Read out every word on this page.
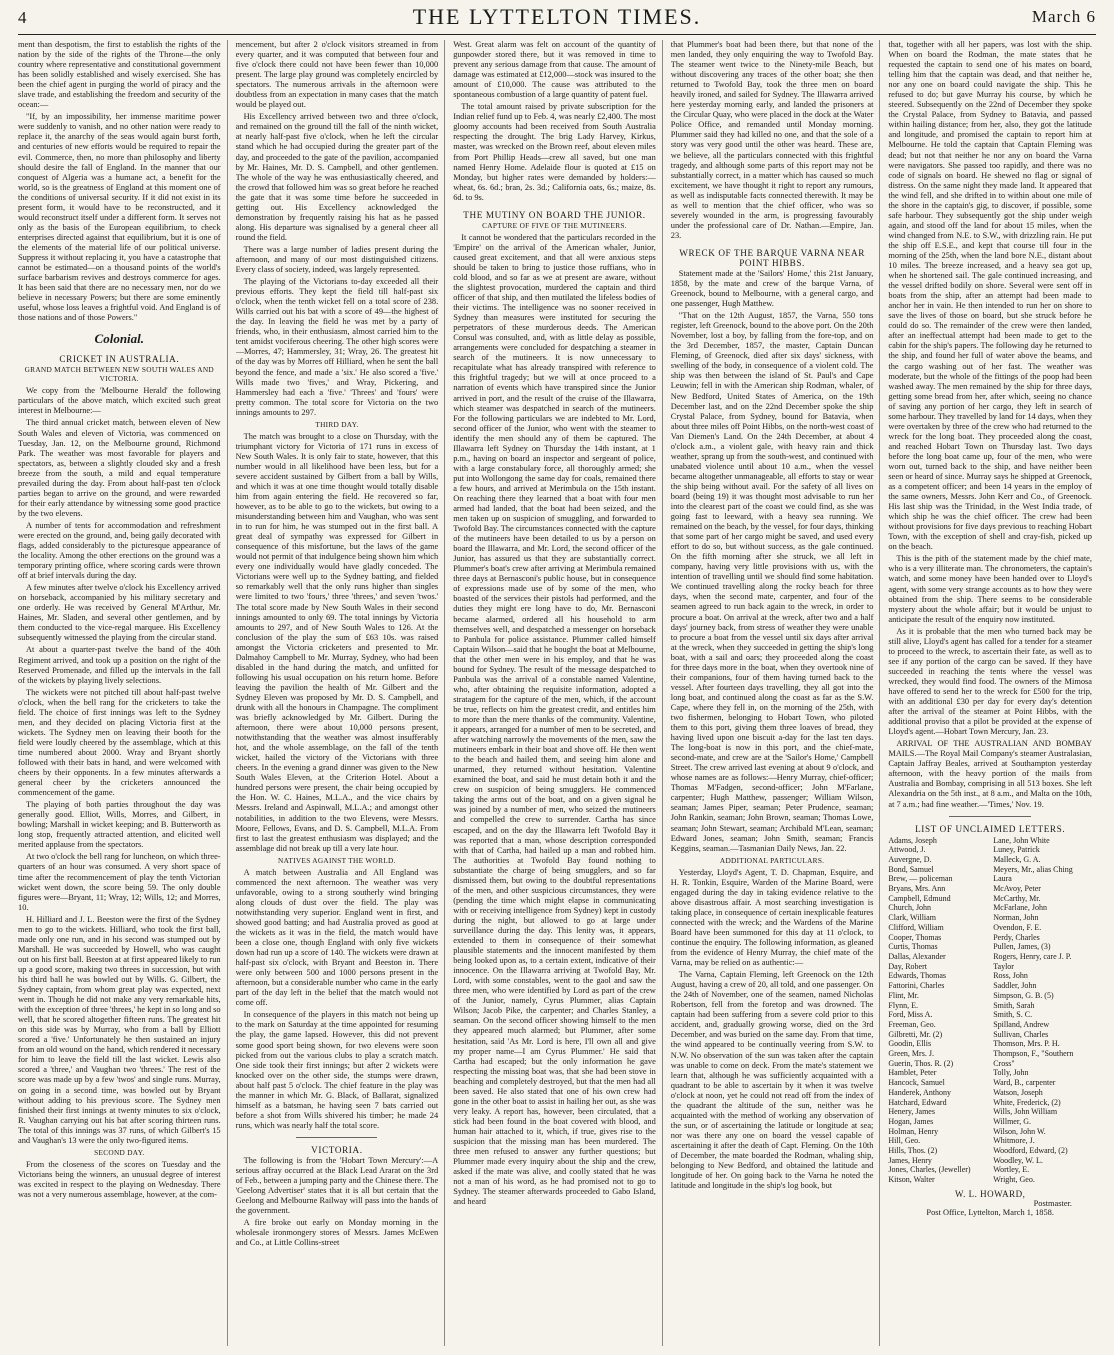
4	THE LYTTELTON TIMES.	March 6

ment than despotism, the first to establish the rights of the nation by the side of the rights of the Throne—the only country where representative and constitutional government has been solidly established and wisely exercised. She has been the chief agent in purging the world of piracy and the slave trade, and establishing the freedom and security of the ocean:—

"If, by an impossibility, her immense maritime power were suddenly to vanish, and no other nation were ready to replace it, the anarchy of the seas would again burst forth, and centuries of new efforts would be required to repair the evil. Commerce, then, no more than philosophy and liberty should desire the fall of England. In the manner that our conquest of Algeria was a humane act, a benefit for the world, so is the greatness of England at this moment one of the conditions of universal security. If it did not exist in its present form, it would have to be reconstructed, and it would reconstruct itself under a different form. It serves not only as the basis of the European equilibrium, to check enterprises directed against that equilibrium, but it is one of the elements of the material life of our political universe. Suppress it without replacing it, you have a catastrophe that cannot be estimated—on a thousand points of the world's surface barbarism revives and destroys commerce for ages. It has been said that there are no necessary men, nor do we believe in necessary Powers; but there are some eminently useful, whose loss leaves a frightful void. And England is of those nations and of those Powers."

Colonial.
CRICKET IN AUSTRALIA.
GRAND MATCH BETWEEN NEW SOUTH WALES AND VICTORIA.

We copy from the 'Melbourne Herald' the following particulars of the above match, which excited such great interest in Melbourne:—

The third annual cricket match, between eleven of New South Wales and eleven of Victoria, was commenced on Tuesday, Jan. 12, on the Melbourne ground, Richmond Park. The weather was most favorable for players and spectators, as, between a slightly clouded sky and a fresh breeze from the south, a mild and equal temperature prevailed during the day. From about half-past ten o'clock parties began to arrive on the ground, and were rewarded for their early attendance by witnessing some good practice by the two elevens.

A number of tents for accommodation and refreshment were erected on the ground, and, being gaily decorated with flags, added considerably to the picturesque appearance of the locality. Among the other erections on the ground was a temporary printing office, where scoring cards were thrown off at brief intervals during the day.

A few minutes after twelve o'clock his Excellency arrived on horseback, accompanied by his military secretary and one orderly. He was received by General M'Arthur, Mr. Haines, Mr. Sladen, and several other gentlemen, and by them conducted to the vice-regal marquee. His Excellency subsequently witnessed the playing from the circular stand.

At about a quarter-past twelve the band of the 40th Regiment arrived, and took up a position on the right of the Reserved Promenade, and filled up the intervals in the fall of the wickets by playing lively selections.

The wickets were not pitched till about half-past twelve o'clock, when the bell rang for the cricketers to take the field. The choice of first innings was left to the Sydney men, and they decided on placing Victoria first at the wickets. The Sydney men on leaving their booth for the field were loudly cheered by the assemblage, which at this time numbered about 2000. Wray and Bryant shortly followed with their bats in hand, and were welcomed with cheers by their opponents. In a few minutes afterwards a general cheer by the cricketers announced the commencement of the game.

The playing of both parties throughout the day was generally good. Elliot, Wills, Morres, and Gilbert, in bowling; Marshall in wicket keeping; and B. Butterworth as long stop, frequently attracted attention, and elicited well merited applause from the spectators.

At two o'clock the bell rang for luncheon, on which three-quarters of an hour was consumed. A very short space of time after the recommencement of play the tenth Victorian wicket went down, the score being 59. The only double figures were—Bryant, 11; Wray, 12; Wills, 12; and Morres, 10.

H. Hilliard and J. L. Beeston were the first of the Sydney men to go to the wickets. Hilliard, who took the first ball, made only one run, and in his second was stumped out by Marshall. He was succeeded by Howell, who was caught out on his first ball. Beeston at at first appeared likely to run up a good score, making two threes in succession, but with his third ball he was bowled out by Wills. G. Gilbert, the Sydney captain, from whom great play was expected, next went in. Though he did not make any very remarkable hits, with the exception of three 'threes,' he kept in so long and so well, that he scored altogether fifteen runs. The greatest hit on this side was by Murray, who from a ball by Elliott scored a 'five.' Unfortunately he then sustained an injury from an old wound on the hand, which rendered it necessary for him to leave the field till the last wicket. Lewis also scored a 'three,' and Vaughan two 'threes.' The rest of the score was made up by a few 'twos' and single runs. Murray, on going in a second time, was bowled out by Bryant without adding to his previous score. The Sydney men finished their first innings at twenty minutes to six o'clock, R. Vaughan carrying out his bat after scoring thirteen runs. The total of this innings was 37 runs, of which Gilbert's 15 and Vaughan's 13 were the only two-figured items.

SECOND DAY.

From the closeness of the scores on Tuesday and the Victorians being the winners, an unusual degree of interest was excited in respect to the playing on Wednesday. There was not a very numerous assemblage, however, at the com-

mencement, but after 2 o'clock visitors streamed in from every quarter, and it was computed that between four and five o'clock there could not have been fewer than 10,000 present. The large play ground was completely encircled by spectators. The numerous arrivals in the afternoon were doubtless from an expectation in many cases that the match would be played out.

His Excellency arrived between two and three o'clock, and remained on the ground till the fall of the ninth wicket, at nearly half-past five o'clock, when he left the circular stand which he had occupied during the greater part of the day, and proceeded to the gate of the pavilion, accompanied by Mr. Haines, Mr. D. S. Campbell, and other gentlemen. The whole of the way he was enthusiastically cheered, and the crowd that followed him was so great before he reached the gate that it was some time before he succeeded in getting out. His Excellency acknowledged the demonstration by frequently raising his hat as he passed along. His departure was signalised by a general cheer all round the field.

There was a large number of ladies present during the afternoon, and many of our most distinguished citizens. Every class of society, indeed, was largely represented.

The playing of the Victorians to-day exceeded all their previous efforts. They kept the field till half-past six o'clock, when the tenth wicket fell on a total score of 238. Wills carried out his bat with a score of 49—the highest of the day. In leaving the field he was met by a party of friends, who, in their enthusiasm, almost carried him to the tent amidst vociferous cheering. The other high scores were—Morres, 47; Hammersley, 31; Wray, 26. The greatest hit of the day was by Morres off Hilliard, when he sent the ball beyond the fence, and made a 'six.' He also scored a 'five.' Wills made two 'fives,' and Wray, Pickering, and Hammersley had each a 'five.' 'Threes' and 'fours' were pretty common. The total score for Victoria on the two innings amounts to 297.

THIRD DAY.

The match was brought to a close on Thursday, with the triumphant victory for Victoria of 171 runs in excess of New South Wales. It is only fair to state, however, that this number would in all likelihood have been less, but for a severe accident sustained by Gilbert from a ball by Wills, and which it was at one time thought would totally disable him from again entering the field. He recovered so far, however, as to be able to go to the wickets, but owing to a misunderstanding between him and Vaughan, who was sent in to run for him, he was stumped out in the first ball. A great deal of sympathy was expressed for Gilbert in consequence of this misfortune, but the laws of the game would not permit of that indulgence being shown him which every one individually would have gladly conceded. The Victorians were well up to the Sydney batting, and fielded so remarkably well that the only runs higher than singles were limited to two 'fours,' three 'threes,' and seven 'twos.' The total score made by New South Wales in their second innings amounted to only 69. The total innings by Victoria amounts to 297, and of New South Wales to 126. At the conclusion of the play the sum of £63 10s. was raised amongst the Victoria cricketers and presented to Mr. Dalmahoy Campbell to Mr. Murray, Sydney, who had been disabled in the hand during the match, and unfitted for following his usual occupation on his return home. Before leaving the pavilion the health of Mr. Gilbert and the Sydney Eleven was proposed by Mr. D. S. Campbell, and drunk with all the honours in Champagne. The compliment was briefly acknowledged by Mr. Gilbert. During the afternoon, there were about 10,000 persons present, notwithstanding that the weather was almost insufferably hot, and the whole assemblage, on the fall of the tenth wicket, hailed the victory of the Victorians with three cheers. In the evening a grand dinner was given to the New South Wales Eleven, at the Criterion Hotel. About a hundred persons were present, the chair being occupied by the Hon. W. C. Haines, M.L.A., and the vice chairs by Messrs. Ireland and Aspinwall, M.L.A.; and amongst other notabilities, in addition to the two Elevens, were Messrs. Moore, Fellows, Evans, and D. S. Campbell, M.L.A. From first to last the greatest enthusiasm was displayed; and the assemblage did not break up till a very late hour.

NATIVES AGAINST THE WORLD.

A match between Australia and All England was commenced the next afternoon. The weather was very unfavorable, owing to a strong southerly wind bringing along clouds of dust over the field. The play was notwithstanding very superior. England went in first, and showed good batting; and had Australia proved as good at the wickets as it was in the field, the match would have been a close one, though England with only five wickets down had run up a score of 140. The wickets were drawn at half-past six o'clock, with Bryant and Beeston in. There were only between 500 and 1000 persons present in the afternoon, but a considerable number who came in the early part of the day left in the belief that the match would not come off.

In consequence of the players in this match not being up to the mark on Saturday at the time appointed for resuming the play, the game lapsed. However, this did not prevent some good sport being shown, for two elevens were soon picked from out the various clubs to play a scratch match. One side took their first innings; but after 2 wickets were knocked over on the other side, the stumps were drawn, about half past 5 o'clock. The chief feature in the play was the manner in which Mr. G. Black, of Ballarat, signalized himself as a batsman, he having seen 7 bats carried out before a shot from Wills shivered his timber; he made 24 runs, which was nearly half the total score.

VICTORIA.

The following is from the 'Hobart Town Mercury':—A serious affray occurred at the Black Lead Ararat on the 3rd of Feb., between a jumping party and the Chinese there. The 'Geelong Advertiser' states that it is all but certain that the Geelong and Melbourne Railway will pass into the hands of the government.

A fire broke out early on Monday morning in the wholesale ironmongery stores of Messrs. James McEwen and Co., at Little Collins-street

West. Great alarm was felt on account of the quantity of gunpowder stored there, but it was removed in time to prevent any serious damage from that cause. The amount of damage was estimated at £12,000—stock was insured to the amount of £10,000. The cause was attributed to the spontaneous combustion of a large quantity of patent fuel.

The total amount raised by private subscription for the Indian relief fund up to Feb. 4, was nearly £2,400. The most gloomy accounts had been received from South Australia respecting the drought. The brig Lady Harvey, Kirkus, master, was wrecked on the Brown reef, about eleven miles from Port Phillip Heads—crew all saved, but one man named Henry Home. Adelaide flour is quoted at £15 on Monday, but higher rates were demanded by holders:—wheat, 6s. 6d.; bran, 2s. 3d.; California oats, 6s.; maize, 8s. 6d. to 9s.

THE MUTINY ON BOARD THE JUNIOR.
CAPTURE OF FIVE OF THE MUTINEERS.

It cannot be wondered that the particulars recorded in the 'Empire' on the arrival of the American whaler, Junior, caused great excitement, and that all were anxious steps should be taken to bring to justice those ruffians, who in cold blood, and so far as we at present are aware, without the slightest provocation, murdered the captain and third officer of that ship, and then mutilated the lifeless bodies of their victims. The intelligence was no sooner received in Sydney than measures were instituted for securing the perpetrators of these murderous deeds. The American Consul was consulted, and, with as little delay as possible, arrangements were concluded for despatching a steamer in search of the mutineers. It is now unnecessary to recapitulate what has already transpired with reference to this frightful tragedy; but we will at once proceed to a narration of events which have transpired since the Junior arrived in port, and the result of the cruise of the Illawarra, which steamer was despatched in search of the mutineers. For the following particulars we are indebted to Mr. Lord, second officer of the Junior, who went with the steamer to identify the men should any of them be captured. The Illawarra left Sydney on Thursday the 14th instant, at 1 p.m., having on board an inspector and sergeant of police, with a large constabulary force, all thoroughly armed; she put into Wollongong the same day for coals, remained there a few hours, and arrived at Merimbula on the 15th instant. On reaching there they learned that a boat with four men armed had landed, that the boat had been seized, and the men taken up on suspicion of smuggling, and forwarded to Twofold Bay. The circumstances connected with the capture of the mutineers have been detailed to us by a person on board the Illawarra, and Mr. Lord, the second officer of the Junior, has assured us that they are substantially correct. Plummer's boat's crew after arriving at Merimbula remained three days at Bernasconi's public house, but in consequence of expressions made use of by some of the men, who boasted of the services their pistols had performed, and the duties they might ere long have to do, Mr. Bernasconi became alarmed, ordered all his household to arm themselves well, and despatched a messenger on horseback to Panbula for police assistance. Plummer called himself Captain Wilson—said that he bought the boat at Melbourne, that the other men were in his employ, and that he was bound for Sydney. The result of the message despatched to Panbula was the arrival of a constable named Valentine, who, after obtaining the requisite information, adopted a stratagem for the capture of the men, which, if the account be true, reflects on him the greatest credit, and entitles him to more than the mere thanks of the community. Valentine, it appears, arranged for a number of men to be secreted, and after watching narrowly the movements of the men, saw the mutineers embark in their boat and shove off. He then went to the beach and hailed them, and seeing him alone and unarmed, they returned without hesitation. Valentine examined the boat, and said he must detain both it and the crew on suspicion of being smugglers. He commenced taking the arms out of the boat, and on a given signal he was joined by a number of men, who seized the mutineers and compelled the crew to surrender. Cartha has since escaped, and on the day the Illawarra left Twofold Bay it was reported that a man, whose description corresponded with that of Cartha, had hailed up a man and robbed him. The authorities at Twofold Bay found nothing to substantiate the charge of being smugglers, and so far dismissed them, but owing to the doubtful representations of the men, and other suspicious circumstances, they were (pending the time which might elapse in communicating with or receiving intelligence from Sydney) kept in custody during the night, but allowed to go at large under surveillance during the day. This lenity was, it appears, extended to them in consequence of their somewhat plausible statements and the innocent manifested by them being looked upon as, to a certain extent, indicative of their innocence. On the Illawarra arriving at Twofold Bay, Mr. Lord, with some constables, went to the gaol and saw the three men, who were identified by Lord as part of the crew of the Junior, namely, Cyrus Plummer, alias Captain Wilson; Jacob Pike, the carpenter; and Charles Stanley, a seaman. On the second officer showing himself to the men they appeared much alarmed; but Plummer, after some hesitation, said 'As Mr. Lord is here, I'll own all and give my proper name—I am Cyrus Plummer.' He said that Cartha had escaped; but the only information he gave respecting the missing boat was, that she had been stove in beaching and completely destroyed, but that the men had all been saved. He also stated that one of his own crew had gone in the other boat to assist in hailing her out, as she was very leaky. A report has, however, been circulated, that a stick had been found in the boat covered with blood, and human hair attached to it, which, if true, gives rise to the suspicion that the missing man has been murdered. The three men refused to answer any further questions; but Plummer made every inquiry about the ship and the crew, asked if the mate was alive, and coolly stated that he was not a man of his word, as he had promised not to go to Sydney. The steamer afterwards proceeded to Gabo Island, and heard

that Plummer's boat had been there, but that none of the men landed, they only enquiring the way to Twofold Bay. The steamer went twice to the Ninety-mile Beach, but without discovering any traces of the other boat; she then returned to Twofold Bay, took the three men on board heavily ironed, and sailed for Sydney. The Illawarra arrived here yesterday morning early, and landed the prisoners at the Circular Quay, who were placed in the dock at the Water Police Office, and remanded until Monday morning. Plummer said they had killed no one, and that the sole of a story was very good until the other was heard. These are, we believe, all the particulars connected with this frightful tragedy, and although some parts of this report may not be substantially correct, in a matter which has caused so much excitement, we have thought it right to report any rumours, as well as indisputable facts connected therewith. It may be as well to mention that the chief officer, who was so severely wounded in the arm, is progressing favourably under the professional care of Dr. Nathan.—Empire, Jan. 23.

WRECK OF THE BARQUE VARNA NEAR POINT HIBBS.

Statement made at the 'Sailors' Home,' this 21st January, 1858, by the mate and crew of the barque Varna, of Greenock, bound to Melbourne, with a general cargo, and one passenger, Hugh Matthew.

"That on the 12th August, 1857, the Varna, 550 tons register, left Greenock, bound to the above port. On the 20th November, lost a boy, by falling from the fore-top, and on the 3rd December, 1857, the master, Captain Duncan Fleming, of Greenock, died after six days' sickness, with swelling of the body, in consequence of a violent cold. The ship was then between the island of St. Paul's and Cape Leuwin; fell in with the American ship Rodman, whaler, of New Bedford, United States of America, on the 19th December last, and on the 22nd December spoke the ship Crystal Palace, from Sydney, bound for Batavia, when about three miles off Point Hibbs, on the north-west coast of Van Diemen's Land. On the 24th December, at about 4 o'clock a.m., a violent gale, with heavy rain and thick weather, sprang up from the south-west, and continued with unabated violence until about 10 a.m., when the vessel became altogether unmanageable, all efforts to stay or wear the ship being without avail. For the safety of all lives on board (being 19) it was thought most advisable to run her into the clearest part of the coast we could find, as she was going fast to leeward, with a heavy sea running. We remained on the beach, by the vessel, for four days, thinking that some part of her cargo might be saved, and used every effort to do so, but without success, as the gale continued. On the fifth morning after she struck, we all left in company, having very little provisions with us, with the intention of travelling until we should find some habitation. We continued travelling along the rocky beach for three days, when the second mate, carpenter, and four of the seamen agreed to run back again to the wreck, in order to procure a boat. On arrival at the wreck, after two and a half days' journey back, from stress of weather they were unable to procure a boat from the vessel until six days after arrival at the wreck, when they succeeded in getting the ship's long boat, with a sail and oars; they proceeded along the coast for three days more in the boat, when they overtook nine of their companions, four of them having turned back to the vessel. After fourteen days travelling, they all got into the long boat, and continued along the coast as far as the S.W. Cape, where they fell in, on the morning of the 25th, with two fishermen, belonging to Hobart Town, who piloted them to this port, giving them three loaves of bread, they having lived upon one biscuit a-day for the last ten days. The long-boat is now in this port, and the chief-mate, second-mate, and crew are at the 'Sailor's Home,' Campbell Street. The crew arrived last evening at about 9 o'clock, and whose names are as follows:—Henry Murray, chief-officer; Thomas M'Fadgen, second-officer; John M'Farlane, carpenter; Hugh Matthew, passenger; William Wilson, seaman; James Piper, seaman; Peter Prudence, seaman; John Rankin, seaman; John Brown, seaman; Thomas Lowe, seaman; John Stewart, seaman; Archibald M'Lean, seaman; Edward Jones, seaman; John Smith, seaman; Francis Keggins, seaman.—Tasmanian Daily News, Jan. 22.

ADDITIONAL PARTICULARS.

Yesterday, Lloyd's Agent, T. D. Chapman, Esquire, and H. R. Tonkin, Esquire, Warden of the Marine Board, were engaged during the day in taking evidence relative to the above disastrous affair. A most searching investigation is taking place, in consequence of certain inexplicable features connected with the wreck; and the Wardens of the Marine Board have been summoned for this day at 11 o'clock, to continue the enquiry. The following information, as gleaned from the evidence of Henry Murray, the chief mate of the Varna, may be relied on as authentic:—

The Varna, Captain Fleming, left Greenock on the 12th August, having a crew of 20, all told, and one passenger. On the 24th of November, one of the seamen, named Nicholas Robertson, fell from the foretop and was drowned. The captain had been suffering from a severe cold prior to this accident, and, gradually growing worse, died on the 3rd December, and was buried on the same day. From that time, the wind appeared to be continually veering from S.W. to N.W. No observation of the sun was taken after the captain was unable to come on deck. From the mate's statement we learn that, although he was sufficiently acquainted with a quadrant to be able to ascertain by it when it was twelve o'clock at noon, yet he could not read off from the index of the quadrant the altitude of the sun, neither was he acquainted with the method of working any observation of the sun, or of ascertaining the latitude or longitude at sea; nor was there any one on board the vessel capable of ascertaining it after the death of Capt. Fleming. On the 10th of December, the mate boarded the Rodman, whaling ship, belonging to New Bedford, and obtained the latitude and longitude of her. On going back to the Varna he noted the latitude and longitude in the ship's log book, but

that, together with all her papers, was lost with the ship. When on board the Rodman, the mate states that he requested the captain to send one of his mates on board, telling him that the captain was dead, and that neither he, nor any one on board could navigate the ship. This he refused to do; but gave Murray his course, by which he steered. Subsequently on the 22nd of December they spoke the Crystal Palace, from Sydney to Batavia, and passed within hailing distance; from her, also, they got the latitude and longitude, and promised the captain to report him at Melbourne. He told the captain that Captain Fleming was dead; but not that neither he nor any on board the Varna were navigators. She passed too rapidly, and there was no code of signals on board. He shewed no flag or signal of distress. On the same night they made land. It appeared that the wind fell, and she drifted in to within about one mile of the shore in the captain's gig, to discover, if possible, some safe harbour. They subsequently got the ship under weigh again, and stood off the land for about 15 miles, when the wind changed from N.E. to S.W., with drizzling rain. He put the ship off E.S.E., and kept that course till four in the morning of the 25th, when the land bore N.E., distant about 10 miles. The breeze increased, and a heavy sea got up, when he shortened sail. The gale continued increasing, and the vessel drifted bodily on shore. Several were sent off in boats from the ship, after an attempt had been made to anchor her in vain. He then intended to run her on shore to save the lives of those on board, but she struck before he could do so. The remainder of the crew were then landed, after an ineffectual attempt had been made to get to the cabin for the ship's papers. The following day he returned to the ship, and found her full of water above the beams, and the cargo washing out of her fast. The weather was moderate, but the whole of the fittings of the poop had been washed away. The men remained by the ship for three days, getting some bread from her, after which, seeing no chance of saving any portion of her cargo, they left in search of some harbour. They travelled by land for 14 days, when they were overtaken by three of the crew who had returned to the wreck for the long boat. They proceeded along the coast, and reached Hobart Town on Thursday last. Two days before the long boat came up, four of the men, who were worn out, turned back to the ship, and have neither been seen or heard of since. Murray says he shipped at Greenock, as a competent officer; and been 14 years in the employ of the same owners, Messrs. John Kerr and Co., of Greenock. His last ship was the Trinidad, in the West India trade, of which ship he was the chief officer. The crew had been without provisions for five days previous to reaching Hobart Town, with the exception of shell and cray-fish, picked up on the beach.

This is the pith of the statement made by the chief mate, who is a very illiterate man. The chronometers, the captain's watch, and some money have been handed over to Lloyd's agent, with some very strange accounts as to how they were obtained from the ship. There seems to be considerable mystery about the whole affair; but it would be unjust to anticipate the result of the enquiry now instituted.

As it is probable that the men who turned back may be still alive, Lloyd's agent has called for a tender for a steamer to proceed to the wreck, to ascertain their fate, as well as to see if any portion of the cargo can be saved. If they have succeeded in reaching the tents where the vessel was wrecked, they would find food. The owners of the Mimosa have offered to send her to the wreck for £500 for the trip, with an additional £30 per day for every day's detention after the arrival of the steamer at Point Hibbs, with the additional proviso that a pilot be provided at the expense of Lloyd's agent.—Hobart Town Mercury, Jan. 23.

ARRIVAL OF THE AUSTRALIAN AND BOMBAY MAILS.—The Royal Mail Company's steamer Australasian, Captain Jaffray Beales, arrived at Southampton yesterday afternoon, with the heavy portion of the mails from Australia and Bombay, comprising in all 513 boxes. She left Alexandria on the 5th inst., at 8 a.m., and Malta on the 10th, at 7 a.m.; had fine weather.—'Times,' Nov. 19.

LIST OF UNCLAIMED LETTERS.
Adams, Joseph
Attwood, J.
Auvergne, D.
Bond, Samuel
Brew, — policeman
Bryans, Mrs. Ann
Campbell, Edmund
Church, John
Clark, William
Clifford, William
Cooper, Thomas
Curtis, Thomas
Dallas, Alexander
Day, Robert
Edwards, Thomas
Fattorini, Charles
Flint, Mr.
Flynn, E.
Ford, Miss A.
Freeman, Geo.
Gilbretti, Mr. (2)
Goodin, Ellis
Green, Mrs. J.
Guerin, Thos. R. (2)
Hamblet, Peter
Hancock, Samuel
Handerek, Anthony
Hatchard, Edward
Henery, James
Hogan, James
Holman, Henry
Hill, Geo.
Hills, Thos. (2)
James, Henry
Jones, Charles, (Jeweller)
Kitson, Walter
Lane, John White
Luney, Patrick
Malleck, G. A.
Meyers, Mr., alias Ching Laura
McAvoy, Peter
McCarthy, Mr.
McFarlane, John
Norman, John
Ovendon, F. E.
Perdy, Charles
Pullen, James, (3)
Rogers, Henry, care J. P. Taylor
Ross, John
Saddler, John
Simpson, G. B. (5)
Smith, Sarah
Smith, S. C.
Spilland, Andrew
Sullivan, Charles
Thomson, Mrs. P. H.
Thompson, F., "Southern Cross"
Tolly, John
Ward, B., carpenter
Watson, Joseph
White, Frederick, (2)
Wills, John William
Willmer, G.
Wilson, John W.
Whitmore, J.
Woodford, Edward, (2)
Woodley, W. L.
Wortley, E.
Wright, Geo.
W. L. HOWARD,
Postmaster.
Post Office, Lyttelton, March 1, 1858.
